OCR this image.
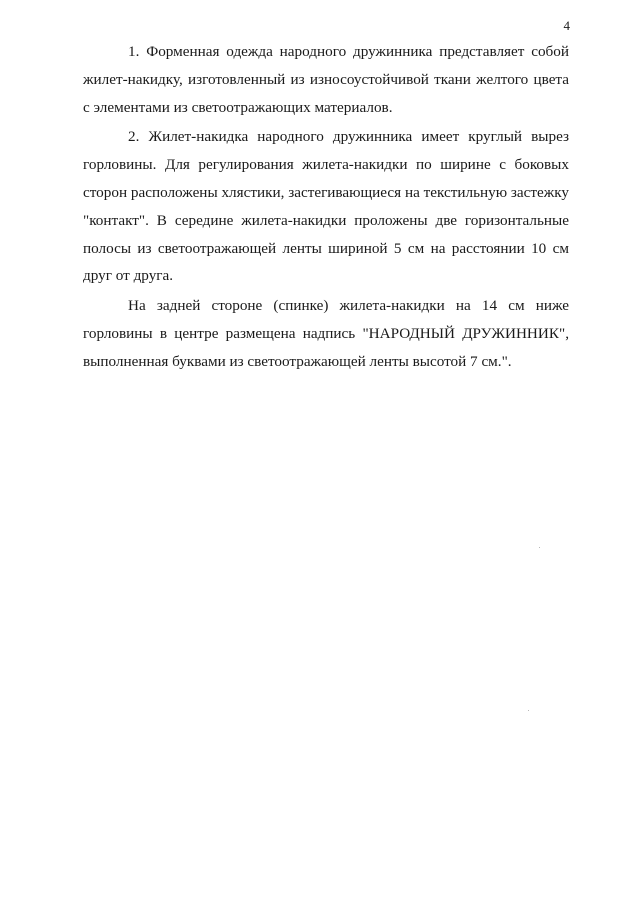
4

1. Форменная одежда народного дружинника представляет собой жилет-накидку, изготовленный из износоустойчивой ткани желтого цвета с элементами из светоотражающих материалов.

2. Жилет-накидка народного дружинника имеет круглый вырез горловины. Для регулирования жилета-накидки по ширине с боковых сторон расположены хлястики, застегивающиеся на текстильную застежку "контакт". В середине жилета-накидки проложены две горизонтальные полосы из светоотражающей ленты шириной 5 см на расстоянии 10 см друг от друга.

На задней стороне (спинке) жилета-накидки на 14 см ниже горловины в центре размещена надпись "НАРОДНЫЙ ДРУЖИННИК", выполненная буквами из светоотражающей ленты высотой 7 см.".
